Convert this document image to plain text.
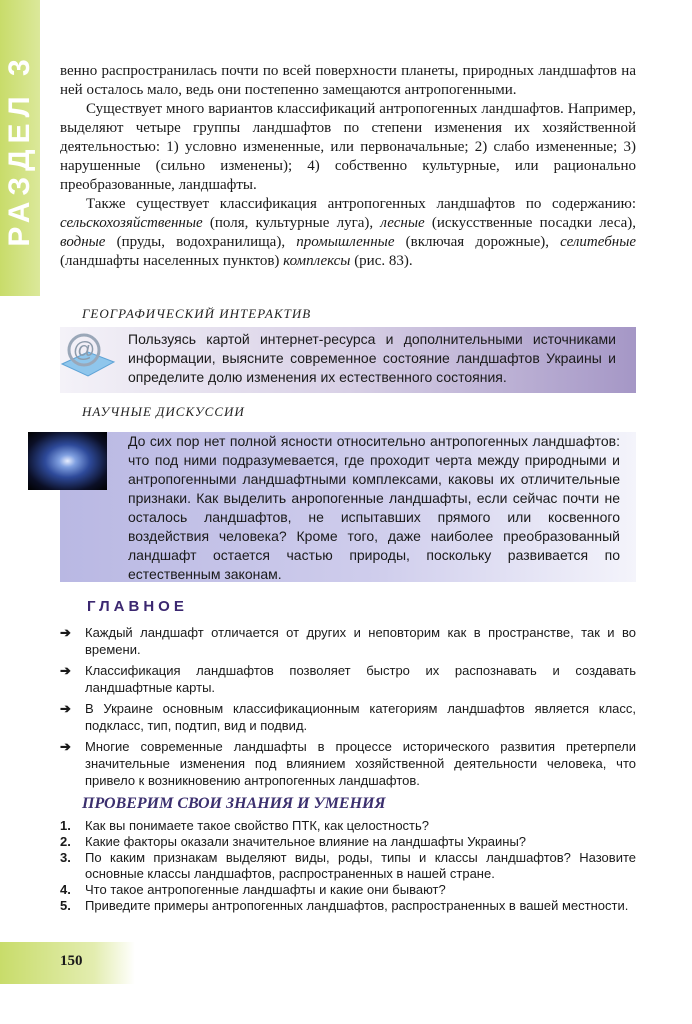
РАЗДЕЛ 3 венно распространилась почти по всей поверхности планеты, природных ландшафтов на ней осталось мало, ведь они постепенно замещаются антропогенными.

Существует много вариантов классификаций антропогенных ландшафтов. Например, выделяют четыре группы ландшафтов по степени изменения их хозяйственной деятельностью: 1) условно измененные, или первоначальные; 2) слабо измененные; 3) нарушенные (сильно изменены); 4) собственно культурные, или рационально преобразованные, ландшафты.

Также существует классификация антропогенных ландшафтов по содержанию: сельскохозяйственные (поля, культурные луга), лесные (искусственные посадки леса), водные (пруды, водохранилища), промышленные (включая дорожные), селитебные (ландшафты населенных пунктов) комплексы (рис. 83).

ГЕОГРАФИЧЕСКИЙ ИНТЕРАКТИВ
Пользуясь картой интернет-ресурса и дополнительными источниками информации, выясните современное состояние ландшафтов Украины и определите долю изменения их естественного состояния.
@
НАУЧНЫЕ ДИСКУССИИ
До сих пор нет полной ясности относительно антропогенных ландшафтов: что под ними подразумевается, где проходит черта между природными и антропогенными ландшафтными комплексами, каковы их отличительные признаки. Как выделить анропогенные ландшафты, если сейчас почти не осталось ландшафтов, не испытавших прямого или косвенного воздействия человека? Кроме того, даже наиболее преобразованный ландшафт остается частью природы, поскольку развивается по естественным законам.
ГЛАВНОЕ
➔ Каждый ландшафт отличается от других и неповторим как в пространстве, так и во времени.
➔ Классификация ландшафтов позволяет быстро их распознавать и создавать ландшафтные карты.
➔ В Украине основным классификационным категориям ландшафтов является класс, подкласс, тип, подтип, вид и подвид.
➔ Многие современные ландшафты в процессе исторического развития претерпели значительные изменения под влиянием хозяйственной деятельности человека, что привело к возникновению антропогенных ландшафтов.
ПРОВЕРИМ СВОИ ЗНАНИЯ И УМЕНИЯ
1. Как вы понимаете такое свойство ПТК, как целостность?
2. Какие факторы оказали значительное влияние на ландшафты Украины?
3. По каким признакам выделяют виды, роды, типы и классы ландшафтов? Назовите основные классы ландшафтов, распространенных в нашей стране.
4. Что такое антропогенные ландшафты и какие они бывают?
5. Приведите примеры антропогенных ландшафтов, распространенных в вашей местности.
150
